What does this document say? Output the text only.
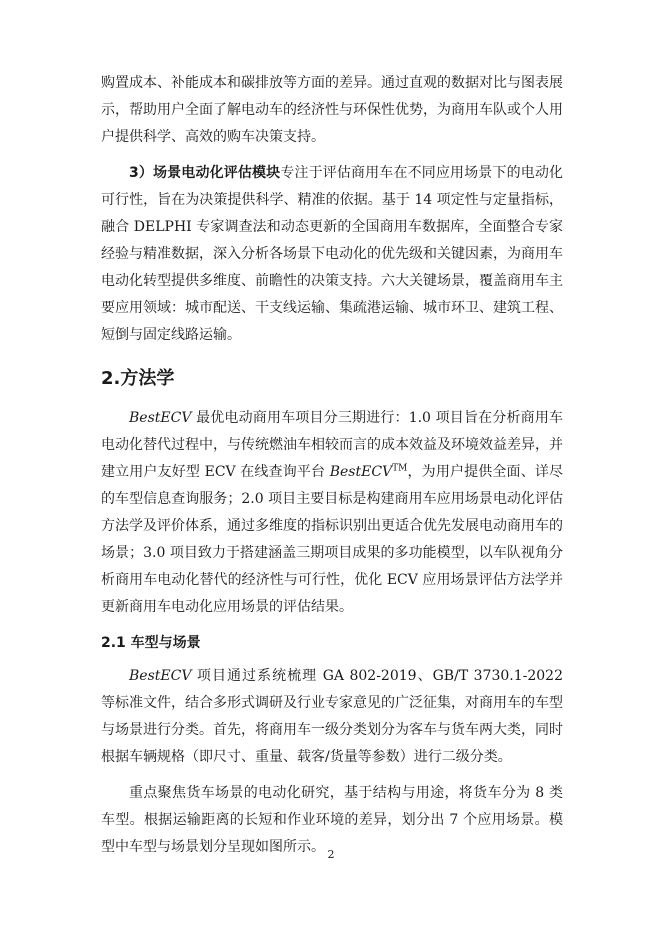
购置成本、补能成本和碳排放等方面的差异。通过直观的数据对比与图表展示，帮助用户全面了解电动车的经济性与环保性优势，为商用车队或个人用户提供科学、高效的购车决策支持。

3）场景电动化评估模块专注于评估商用车在不同应用场景下的电动化可行性，旨在为决策提供科学、精准的依据。基于 14 项定性与定量指标，融合 DELPHI 专家调查法和动态更新的全国商用车数据库，全面整合专家经验与精准数据，深入分析各场景下电动化的优先级和关键因素，为商用车电动化转型提供多维度、前瞻性的决策支持。六大关键场景，覆盖商用车主要应用领域：城市配送、干支线运输、集疏港运输、城市环卫、建筑工程、短倒与固定线路运输。

2.方法学

BestECV 最优电动商用车项目分三期进行：1.0 项目旨在分析商用车电动化替代过程中，与传统燃油车相较而言的成本效益及环境效益差异，并建立用户友好型 ECV 在线查询平台 BestECV™，为用户提供全面、详尽的车型信息查询服务；2.0 项目主要目标是构建商用车应用场景电动化评估方法学及评价体系，通过多维度的指标识别出更适合优先发展电动商用车的场景；3.0 项目致力于搭建涵盖三期项目成果的多功能模型，以车队视角分析商用车电动化替代的经济性与可行性，优化 ECV 应用场景评估方法学并更新商用车电动化应用场景的评估结果。

2.1 车型与场景

BestECV 项目通过系统梳理 GA 802-2019、GB/T 3730.1-2022 等标准文件，结合多形式调研及行业专家意见的广泛征集，对商用车的车型与场景进行分类。首先，将商用车一级分类划分为客车与货车两大类，同时根据车辆规格（即尺寸、重量、载客/货量等参数）进行二级分类。

重点聚焦货车场景的电动化研究，基于结构与用途，将货车分为 8 类车型。根据运输距离的长短和作业环境的差异，划分出 7 个应用场景。模型中车型与场景划分呈现如图所示。 2
